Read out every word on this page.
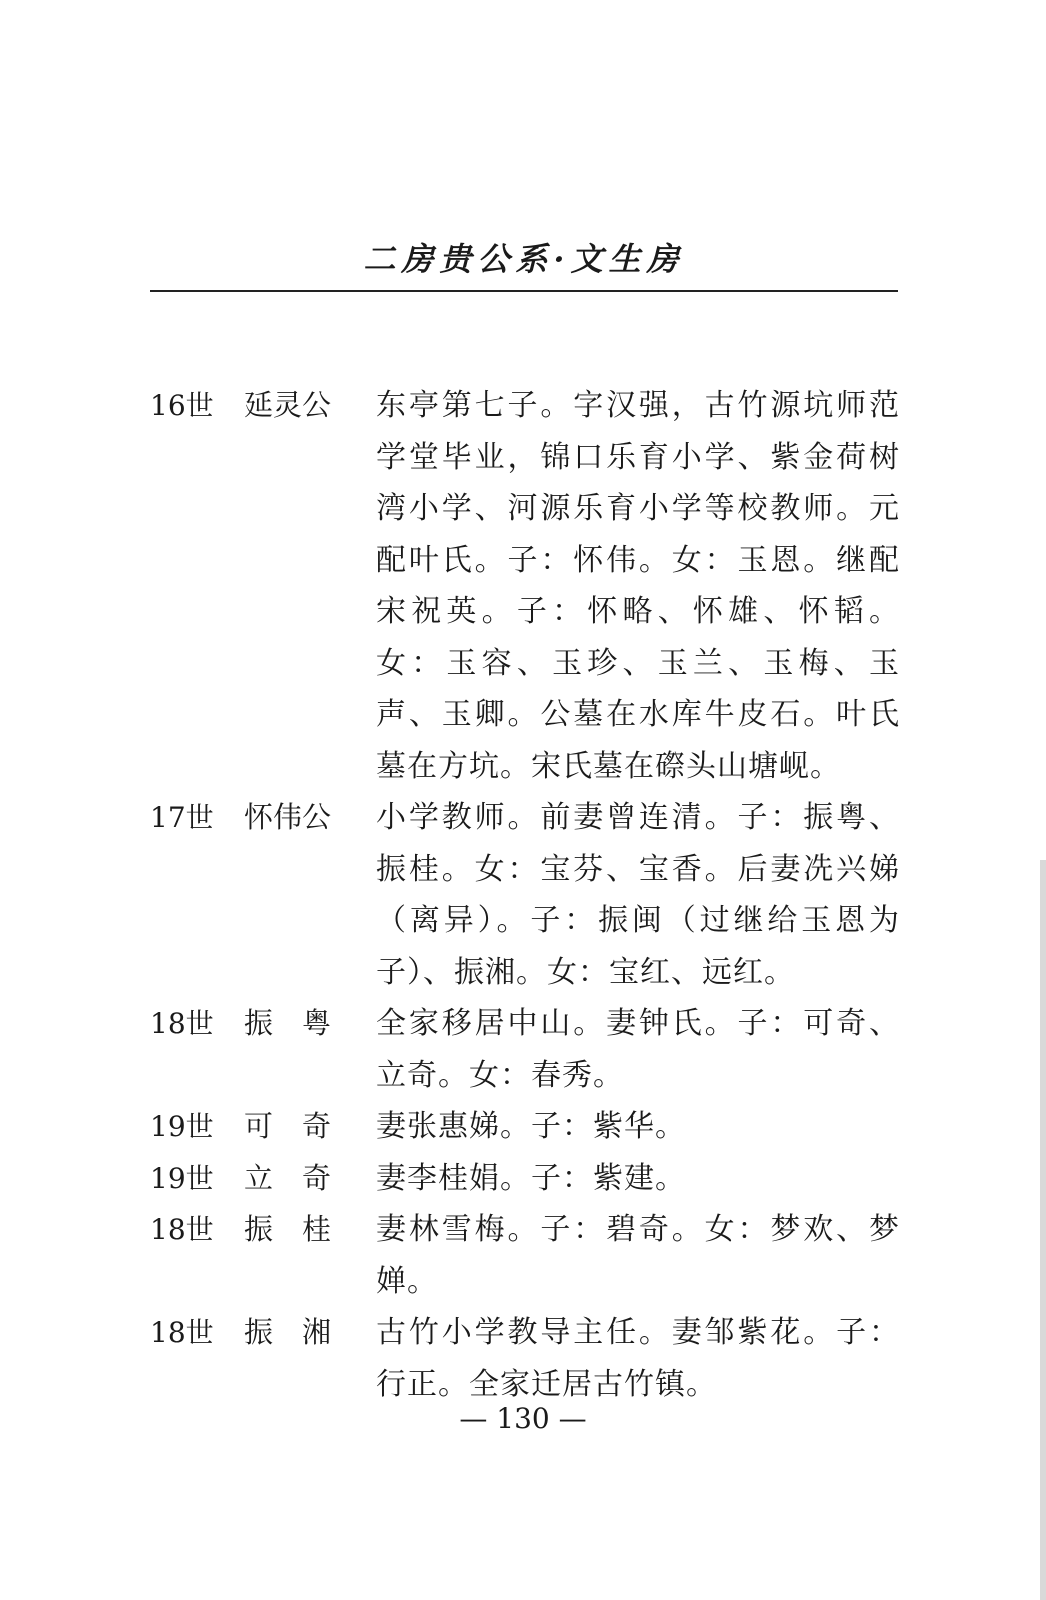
二房贵公系·文生房
16世	延灵公	东亭第七子。字汉强，古竹源坑师范学堂毕业，锦口乐育小学、紫金荷树湾小学、河源乐育小学等校教师。元配叶氏。子：怀伟。女：玉恩。继配宋祝英。子：怀略、怀雄、怀韬。女：玉容、玉珍、玉兰、玉梅、玉声、玉卿。公墓在水库牛皮石。叶氏墓在方坑。宋氏墓在磜头山塘岘。
17世	怀伟公	小学教师。前妻曾连清。子：振粤、振桂。女：宝芬、宝香。后妻冼兴娣（离异）。子：振闽（过继给玉恩为子）、振湘。女：宝红、远红。
18世	振　粤	全家移居中山。妻钟氏。子：可奇、立奇。女：春秀。
19世	可　奇	妻张惠娣。子：紫华。
19世	立　奇	妻李桂娟。子：紫建。
18世	振　桂	妻林雪梅。子：碧奇。女：梦欢、梦婵。
18世	振　湘	古竹小学教导主任。妻邹紫花。子：行正。全家迁居古竹镇。
— 130 —
